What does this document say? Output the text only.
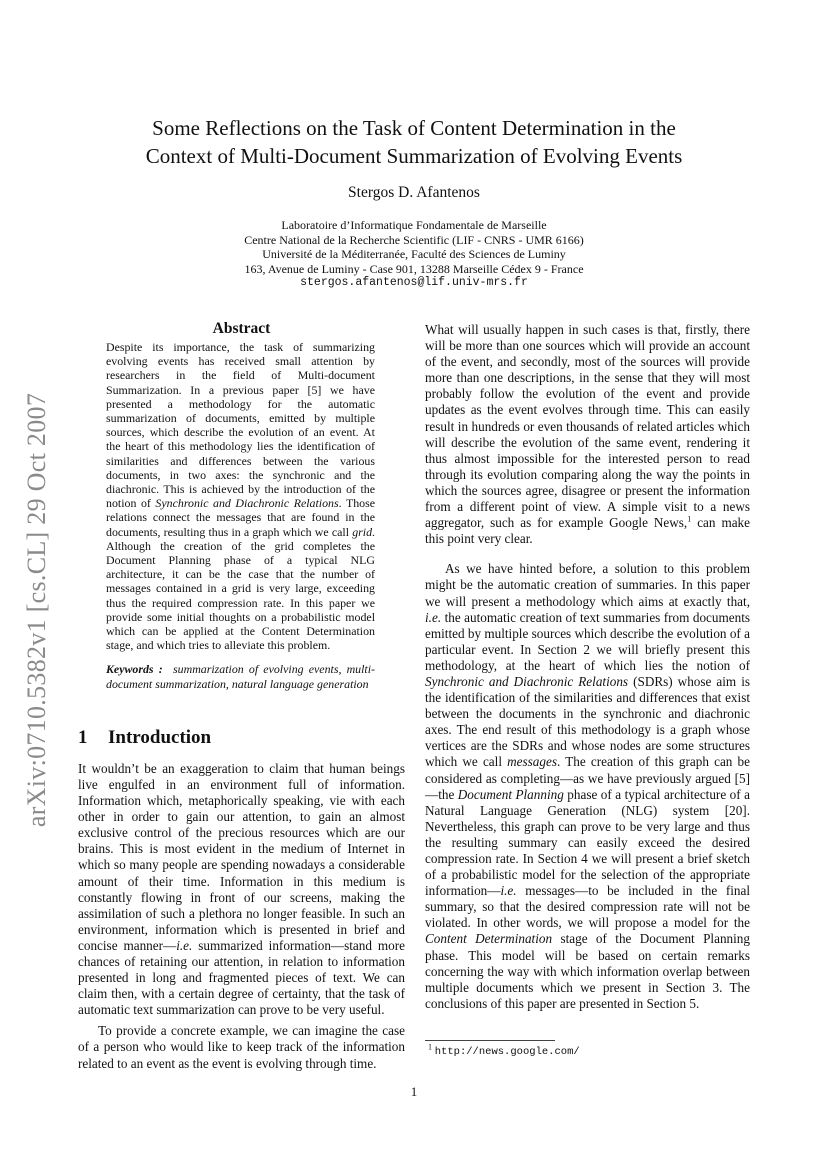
arXiv:0710.5382v1 [cs.CL] 29 Oct 2007
Some Reflections on the Task of Content Determination in the
Context of Multi-Document Summarization of Evolving Events
Stergos D. Afantenos
Laboratoire d’Informatique Fondamentale de Marseille
Centre National de la Recherche Scientific (LIF - CNRS - UMR 6166)
Université de la Méditerranée, Faculté des Sciences de Luminy
163, Avenue de Luminy - Case 901, 13288 Marseille Cédex 9 - France
stergos.afantenos@lif.univ-mrs.fr
Abstract
Despite its importance, the task of summarizing evolving events has received small attention by researchers in the field of Multi-document Summarization. In a previous paper [5] we have presented a methodology for the automatic summarization of documents, emitted by multiple sources, which describe the evolution of an event. At the heart of this methodology lies the identification of similarities and differences between the various documents, in two axes: the synchronic and the diachronic. This is achieved by the introduction of the notion of Synchronic and Diachronic Relations. Those relations connect the messages that are found in the documents, resulting thus in a graph which we call grid. Although the creation of the grid completes the Document Planning phase of a typical NLG architecture, it can be the case that the number of messages contained in a grid is very large, exceeding thus the required compression rate. In this paper we provide some initial thoughts on a probabilistic model which can be applied at the Content Determination stage, and which tries to alleviate this problem.
Keywords : summarization of evolving events, multi-document summarization, natural language generation
1 Introduction

It wouldn’t be an exaggeration to claim that human beings live engulfed in an environment full of information. Information which, metaphorically speaking, vie with each other in order to gain our attention, to gain an almost exclusive control of the precious resources which are our brains. This is most evident in the medium of Internet in which so many people are spending nowadays a considerable amount of their time. Information in this medium is constantly flowing in front of our screens, making the assimilation of such a plethora no longer feasible. In such an environment, information which is presented in brief and concise manner—i.e. summarized information—stand more chances of retaining our attention, in relation to information presented in long and fragmented pieces of text. We can claim then, with a certain degree of certainty, that the task of automatic text summarization can prove to be very useful.

To provide a concrete example, we can imagine the case of a person who would like to keep track of the information related to an event as the event is evolving through time.

What will usually happen in such cases is that, firstly, there will be more than one sources which will provide an account of the event, and secondly, most of the sources will provide more than one descriptions, in the sense that they will most probably follow the evolution of the event and provide updates as the event evolves through time. This can easily result in hundreds or even thousands of related articles which will describe the evolution of the same event, rendering it thus almost impossible for the interested person to read through its evolution comparing along the way the points in which the sources agree, disagree or present the information from a different point of view. A simple visit to a news aggregator, such as for example Google News,$^1$ can make this point very clear.

As we have hinted before, a solution to this problem might be the automatic creation of summaries. In this paper we will present a methodology which aims at exactly that, i.e. the automatic creation of text summaries from documents emitted by multiple sources which describe the evolution of a particular event. In Section 2 we will briefly present this methodology, at the heart of which lies the notion of Synchronic and Diachronic Relations (SDRs) whose aim is the identification of the similarities and differences that exist between the documents in the synchronic and diachronic axes. The end result of this methodology is a graph whose vertices are the SDRs and whose nodes are some structures which we call messages. The creation of this graph can be considered as completing—as we have previously argued [5]—the Document Planning phase of a typical architecture of a Natural Language Generation (NLG) system [20]. Nevertheless, this graph can prove to be very large and thus the resulting summary can easily exceed the desired compression rate. In Section 4 we will present a brief sketch of a probabilistic model for the selection of the appropriate information—i.e. messages—to be included in the final summary, so that the desired compression rate will not be violated. In other words, we will propose a model for the Content Determination stage of the Document Planning phase. This model will be based on certain remarks concerning the way with which information overlap between multiple documents which we present in Section 3. The conclusions of this paper are presented in Section 5.

$^1$ http://news.google.com/
1
